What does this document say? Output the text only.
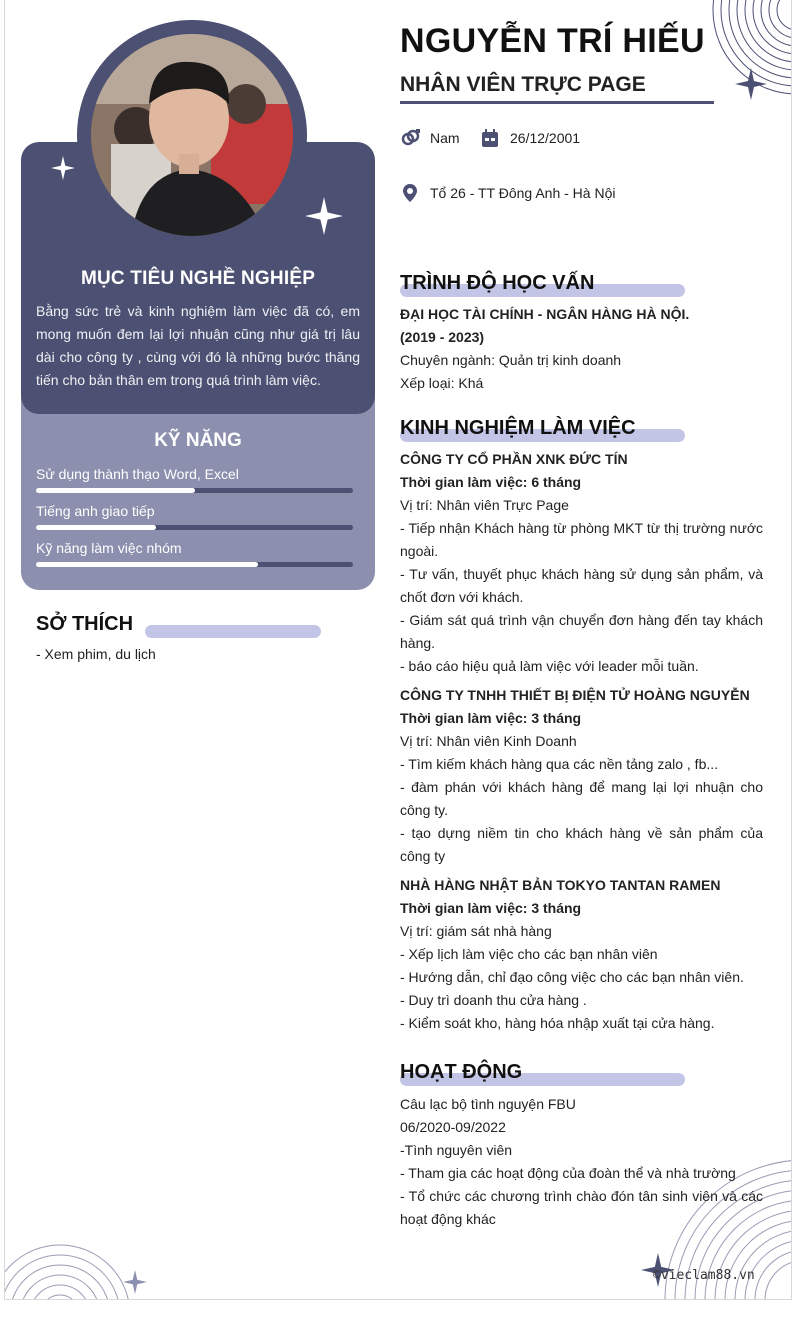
MỤC TIÊU NGHỀ NGHIỆP
Bằng sức trẻ và kinh nghiệm làm việc đã có, em mong muốn đem lại lợi nhuận cũng như giá trị lâu dài cho công ty , cùng với đó là những bước thăng tiến cho bản thân em trong quá trình làm việc.
KỸ NĂNG
Sử dụng thành thạo Word, Excel
Tiếng anh giao tiếp
Kỹ năng làm việc nhóm
SỞ THÍCH
- Xem phim, du lịch
NGUYỄN TRÍ HIẾU
NHÂN VIÊN TRỰC PAGE
Nam	26/12/2001
Tổ 26 - TT Đông Anh - Hà Nội
TRÌNH ĐỘ HỌC VẤN
ĐẠI HỌC TÀI CHÍNH - NGÂN HÀNG HÀ NỘI.
(2019 - 2023)
Chuyên ngành: Quản trị kinh doanh
Xếp loại: Khá
KINH NGHIỆM LÀM VIỆC
CÔNG TY CỔ PHẦN XNK ĐỨC TÍN
Thời gian làm việc: 6 tháng
Vị trí: Nhân viên Trực Page
- Tiếp nhận Khách hàng từ phòng MKT từ thị trường nước ngoài.
- Tư vấn, thuyết phục khách hàng sử dụng sản phẩm, và chốt đơn với khách.
- Giám sát quá trình vận chuyển đơn hàng đến tay khách hàng.
- báo cáo hiệu quả làm việc với leader mỗi tuần.
CÔNG TY TNHH THIẾT BỊ ĐIỆN TỬ HOÀNG NGUYỄN
Thời gian làm việc: 3 tháng
Vị trí: Nhân viên Kinh Doanh
- Tìm kiếm khách hàng qua các nền tảng zalo , fb...
- đàm phán với khách hàng để mang lại lợi nhuận cho công ty.
- tạo dựng niềm tin cho khách hàng về sản phẩm của công ty
NHÀ HÀNG NHẬT BẢN TOKYO TANTAN RAMEN
Thời gian làm việc: 3 tháng
Vị trí: giám sát nhà hàng
- Xếp lịch làm việc cho các bạn nhân viên
- Hướng dẫn, chỉ đạo công việc cho các bạn nhân viên.
- Duy trì doanh thu cửa hàng .
- Kiểm soát kho, hàng hóa nhập xuất tại cửa hàng.
HOẠT ĐỘNG
Câu lạc bộ tình nguyện FBU
06/2020-09/2022
-Tình nguyên viên
- Tham gia các hoạt động của đoàn thể và nhà trường
- Tổ chức các chương trình chào đón tân sinh viên và các hoạt động khác
©vieclam88.vn
